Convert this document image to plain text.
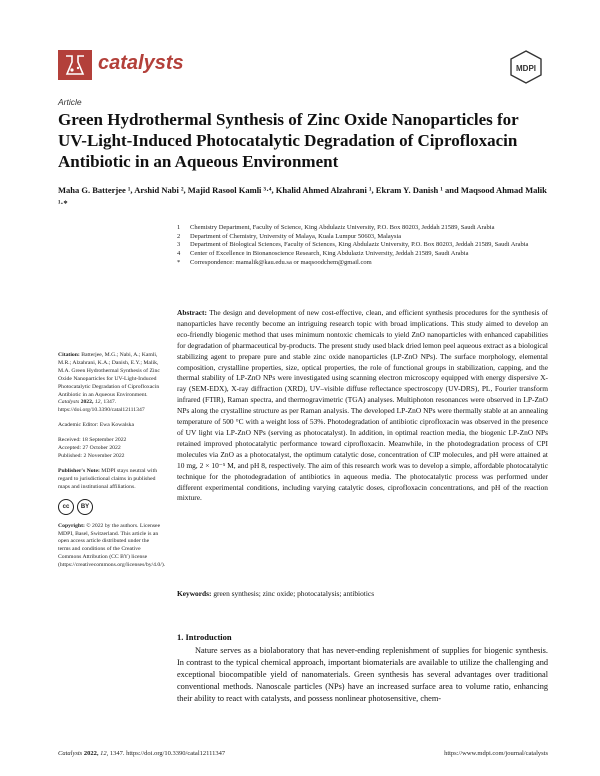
catalysts	MDPI
Article
Green Hydrothermal Synthesis of Zinc Oxide Nanoparticles for UV-Light-Induced Photocatalytic Degradation of Ciprofloxacin Antibiotic in an Aqueous Environment
Maha G. Batterjee ¹, Arshid Nabi ², Majid Rasool Kamli ³·⁴, Khalid Ahmed Alzahrani ¹, Ekram Y. Danish ¹ and Maqsood Ahmad Malik ¹·*
1	Chemistry Department, Faculty of Science, King Abdulaziz University, P.O. Box 80203, Jeddah 21589, Saudi Arabia
2	Department of Chemistry, University of Malaya, Kuala Lumpur 50603, Malaysia
3	Department of Biological Sciences, Faculty of Sciences, King Abdulaziz University, P.O. Box 80203, Jeddah 21589, Saudi Arabia
4	Center of Excellence in Bionanoscience Research, King Abdulaziz University, Jeddah 21589, Saudi Arabia
*	Correspondence: mamalik@kau.edu.sa or maqsoodchem@gmail.com
Abstract: The design and development of new cost-effective, clean, and efficient synthesis procedures for the synthesis of nanoparticles have recently become an intriguing research topic with broad implications. This study aimed to develop an eco-friendly biogenic method that uses minimum nontoxic chemicals to yield ZnO nanoparticles with enhanced capabilities for degradation of pharmaceutical by-products. The present study used black dried lemon peel aqueous extract as a biological stabilizing agent to prepare pure and stable zinc oxide nanoparticles (LP-ZnO NPs). The surface morphology, elemental composition, crystalline properties, size, optical properties, the role of functional groups in stabilization, capping, and the thermal stability of LP-ZnO NPs were investigated using scanning electron microscopy equipped with energy dispersive X-ray (SEM-EDX), X-ray diffraction (XRD), UV–visible diffuse reflectance spectroscopy (UV-DRS), PL, Fourier transform infrared (FTIR), Raman spectra, and thermogravimetric (TGA) analyses. Multiphoton resonances were observed in LP-ZnO NPs along the crystalline structure as per Raman analysis. The developed LP-ZnO NPs were thermally stable at an annealing temperature of 500 °C with a weight loss of 53%. Photodegradation of antibiotic ciprofloxacin was observed in the presence of UV light via LP-ZnO NPs (serving as photocatalyst). In addition, in optimal reaction media, the biogenic LP-ZnO NPs retained improved photocatalytic performance toward ciprofloxacin. Meanwhile, in the photodegradation process of CPI molecules via ZnO as a photocatalyst, the optimum catalytic dose, concentration of CIP molecules, and pH were attained at 10 mg, 2 × 10⁻⁵ M, and pH 8, respectively. The aim of this research work was to develop a simple, affordable photocatalytic technique for the photodegradation of antibiotics in aqueous media. The photocatalytic process was performed under different experimental conditions, including varying catalytic doses, ciprofloxacin concentrations, and pH of the reaction mixture.
Keywords: green synthesis; zinc oxide; photocatalysis; antibiotics
Citation: Batterjee, M.G.; Nabi, A.; Kamli, M.R.; Alzahrani, K.A.; Danish, E.Y.; Malik, M.A. Green Hydrothermal Synthesis of Zinc Oxide Nanoparticles for UV-Light-Induced Photocatalytic Degradation of Ciprofloxacin Antibiotic in an Aqueous Environment. Catalysts 2022, 12, 1347. https://doi.org/10.3390/catal12111347
Academic Editor: Ewa Kowalska
Received: 18 September 2022
Accepted: 27 October 2022
Published: 2 November 2022
Publisher's Note: MDPI stays neutral with regard to jurisdictional claims in published maps and institutional affiliations.
cc	BY
Copyright: © 2022 by the authors. Licensee MDPI, Basel, Switzerland. This article is an open access article distributed under the terms and conditions of the Creative Commons Attribution (CC BY) license (https://creativecommons.org/licenses/by/4.0/).
1. Introduction
Nature serves as a biolaboratory that has never-ending replenishment of supplies for biogenic synthesis. In contrast to the typical chemical approach, important biomaterials are available to utilize the challenging and exceptional biocompatible yield of nanomaterials. Green synthesis has several advantages over traditional conventional methods. Nanoscale particles (NPs) have an increased surface area to volume ratio, enhancing their ability to react with catalysts, and possess nonlinear photosensitive, chem-
Catalysts 2022, 12, 1347. https://doi.org/10.3390/catal12111347	https://www.mdpi.com/journal/catalysts
